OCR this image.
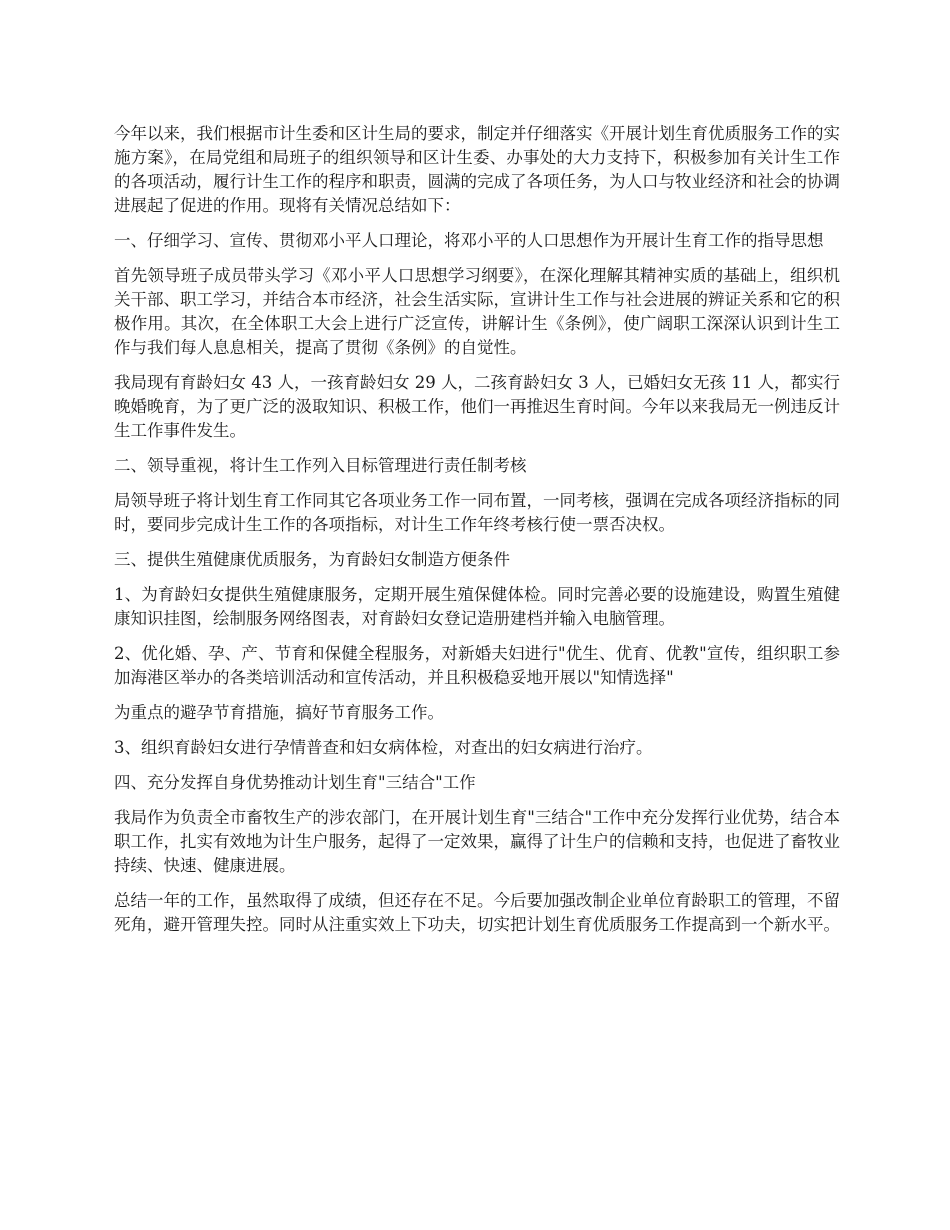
今年以来，我们根据市计生委和区计生局的要求，制定并仔细落实《开展计划生育优质服务工作的实施方案》，在局党组和局班子的组织领导和区计生委、办事处的大力支持下，积极参加有关计生工作的各项活动，履行计生工作的程序和职责，圆满的完成了各项任务，为人口与牧业经济和社会的协调进展起了促进的作用。现将有关情况总结如下：

一、仔细学习、宣传、贯彻邓小平人口理论，将邓小平的人口思想作为开展计生育工作的指导思想

首先领导班子成员带头学习《邓小平人口思想学习纲要》，在深化理解其精神实质的基础上，组织机关干部、职工学习，并结合本市经济，社会生活实际，宣讲计生工作与社会进展的辨证关系和它的积极作用。其次，在全体职工大会上进行广泛宣传，讲解计生《条例》，使广阔职工深深认识到计生工作与我们每人息息相关，提高了贯彻《条例》的自觉性。

我局现有育龄妇女 43 人，一孩育龄妇女 29 人，二孩育龄妇女 3 人，已婚妇女无孩 11 人，都实行晚婚晚育，为了更广泛的汲取知识、积极工作，他们一再推迟生育时间。今年以来我局无一例违反计生工作事件发生。

二、领导重视，将计生工作列入目标管理进行责任制考核

局领导班子将计划生育工作同其它各项业务工作一同布置，一同考核，强调在完成各项经济指标的同时，要同步完成计生工作的各项指标，对计生工作年终考核行使一票否决权。

三、提供生殖健康优质服务，为育龄妇女制造方便条件

1、为育龄妇女提供生殖健康服务，定期开展生殖保健体检。同时完善必要的设施建设，购置生殖健康知识挂图，绘制服务网络图表，对育龄妇女登记造册建档并输入电脑管理。

2、优化婚、孕、产、节育和保健全程服务，对新婚夫妇进行"优生、优育、优教"宣传，组织职工参加海港区举办的各类培训活动和宣传活动，并且积极稳妥地开展以"知情选择"

为重点的避孕节育措施，搞好节育服务工作。

3、组织育龄妇女进行孕情普查和妇女病体检，对查出的妇女病进行治疗。

四、充分发挥自身优势推动计划生育"三结合"工作

我局作为负责全市畜牧生产的涉农部门，在开展计划生育"三结合"工作中充分发挥行业优势，结合本职工作，扎实有效地为计生户服务，起得了一定效果，赢得了计生户的信赖和支持，也促进了畜牧业持续、快速、健康进展。

总结一年的工作，虽然取得了成绩，但还存在不足。今后要加强改制企业单位育龄职工的管理，不留死角，避开管理失控。同时从注重实效上下功夫，切实把计划生育优质服务工作提高到一个新水平。
